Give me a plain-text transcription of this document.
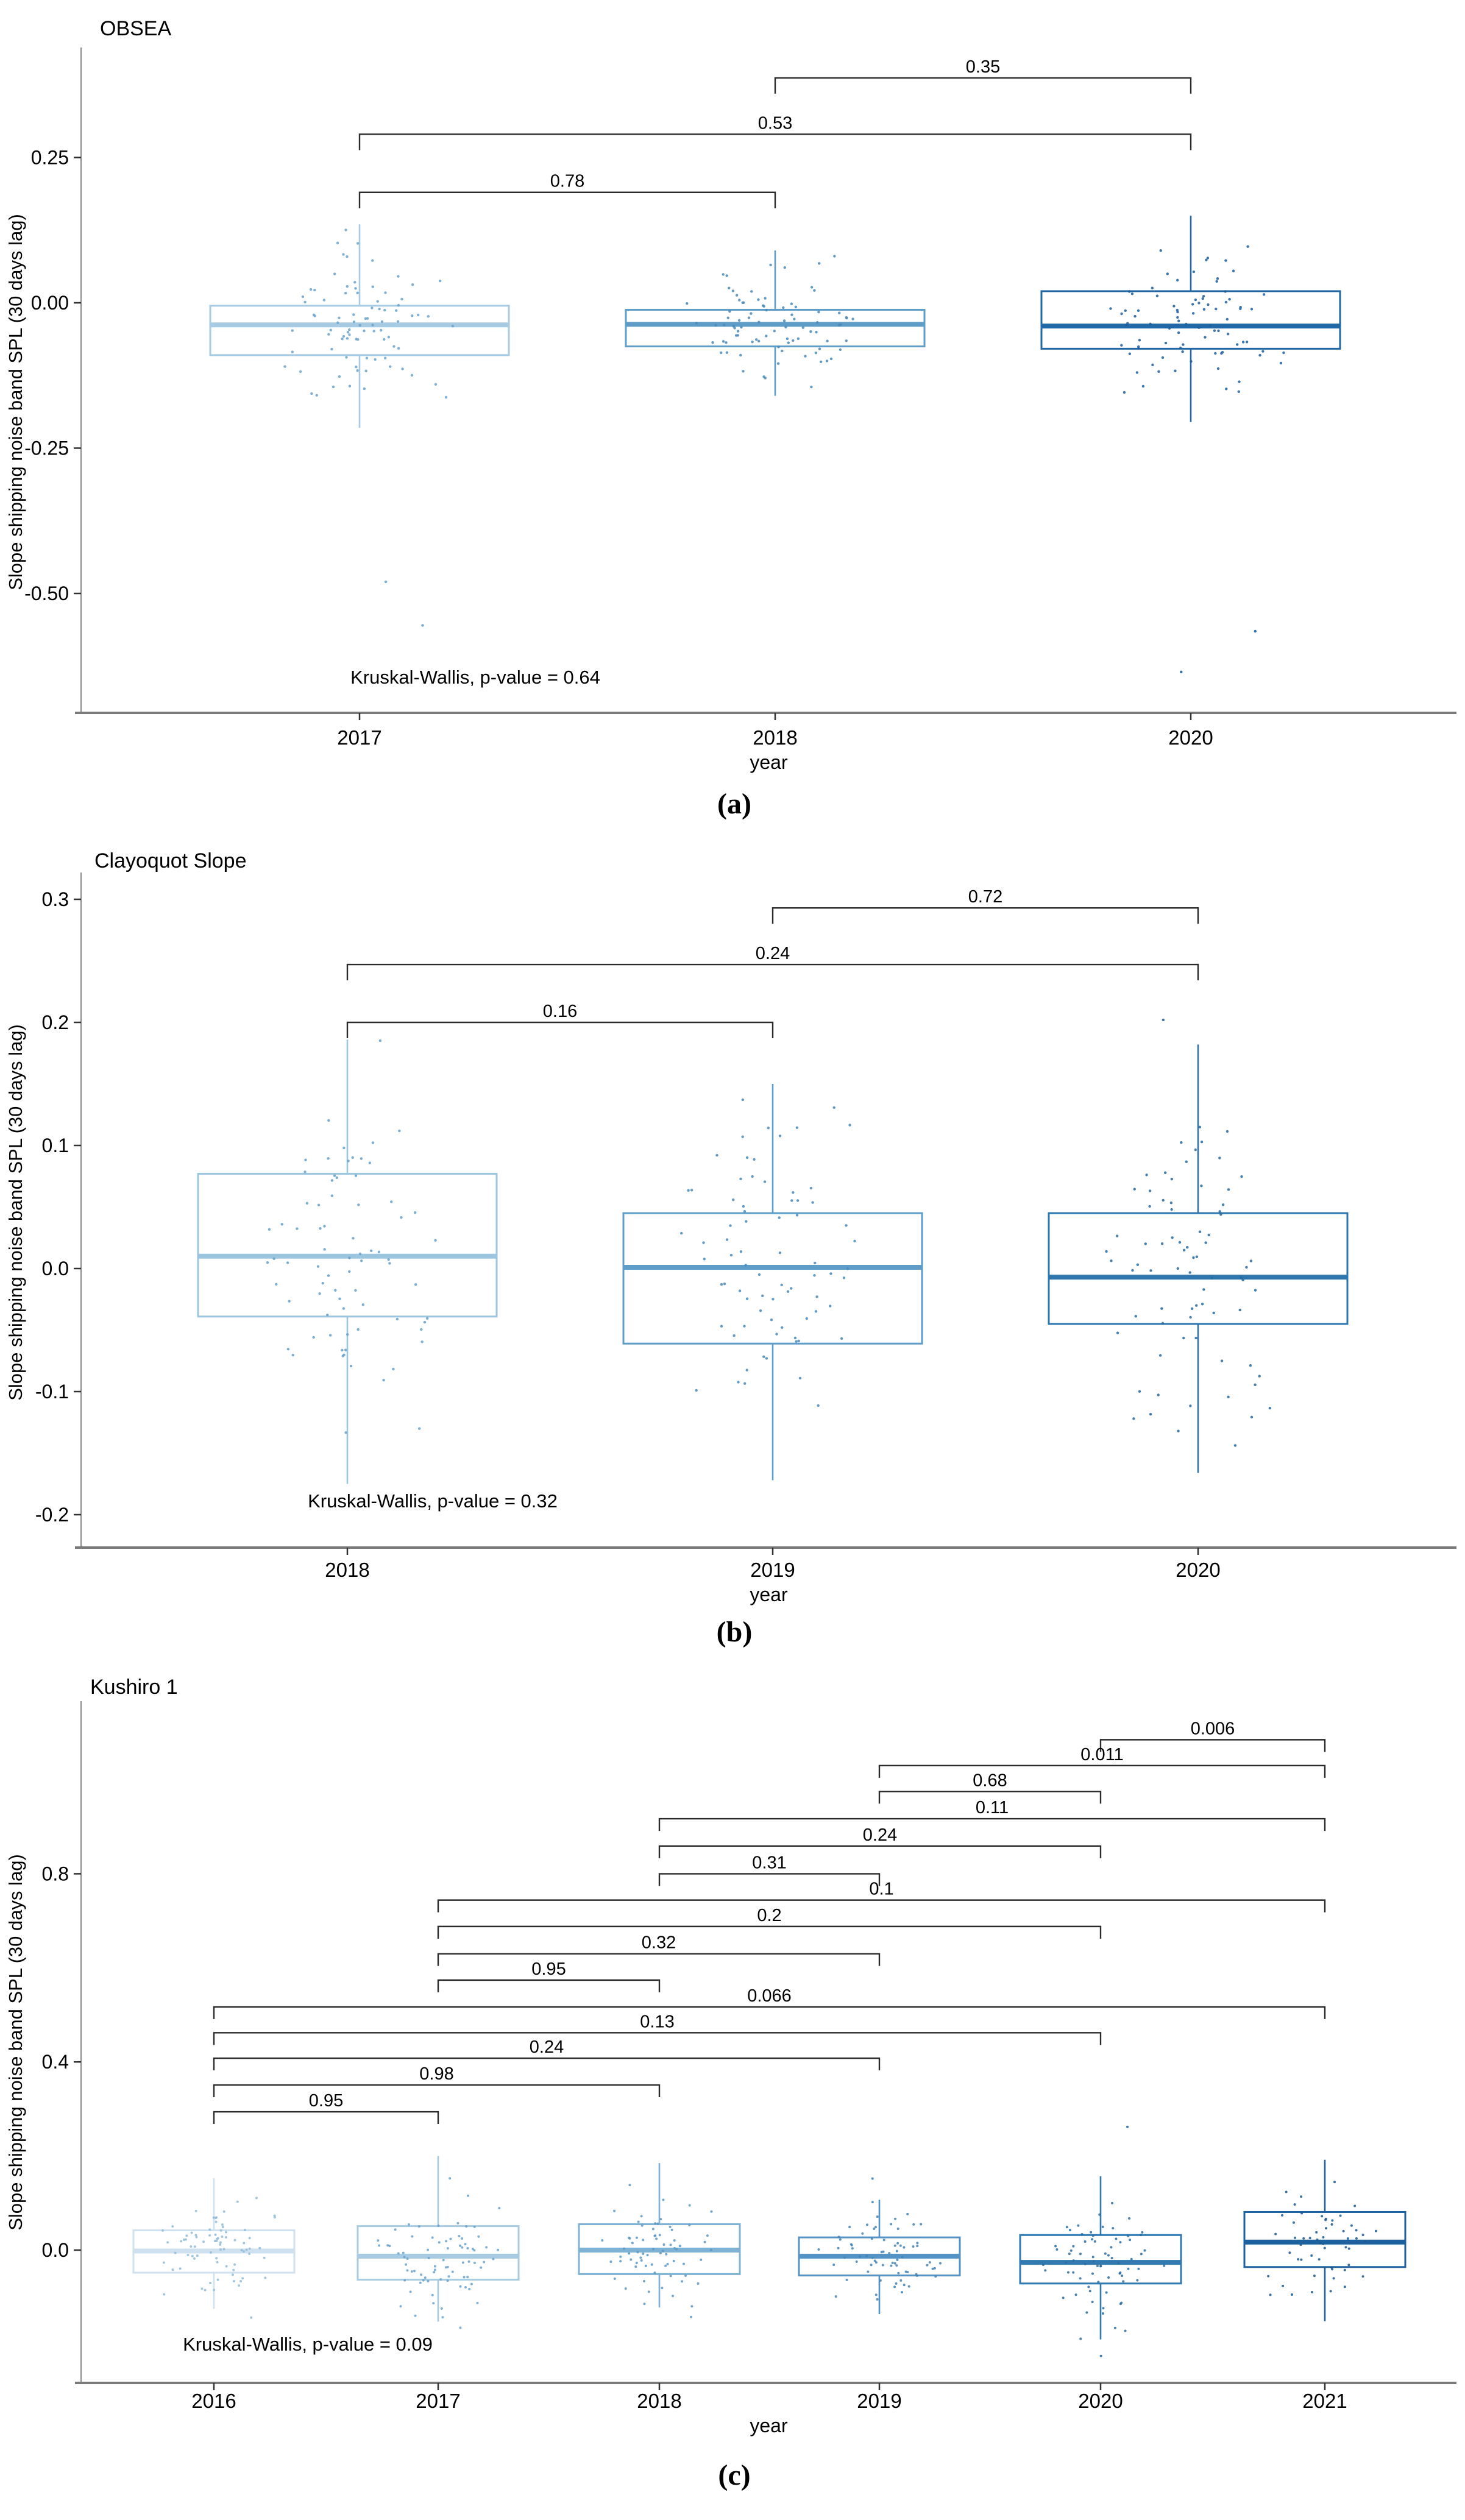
OBSEA
Kruskal-Wallis, p-value = 0.64
(a)
year
Slope shipping noise band SPL (30 days lag)
0.25
0.00
-0.25
-0.50
2017	2018	2020
0.78
0.53
0.35
Clayoquot Slope
Kruskal-Wallis, p-value = 0.32
(b)
year
Slope shipping noise band SPL (30 days lag)
0.3
0.2
0.1
0.0
-0.1
-0.2
2018	2019	2020
0.16
0.24
0.72
Kushiro 1
Kruskal-Wallis, p-value = 0.09
(c)
year
Slope shipping noise band SPL (30 days lag) 0.8
0.4
0.0
2016	2017	2018	2019	2020	2021
0.006
0.011
0.68
0.11
0.24
0.31
0.1
0.2
0.32
0.95
0.066
0.13
0.24
0.98
0.95
